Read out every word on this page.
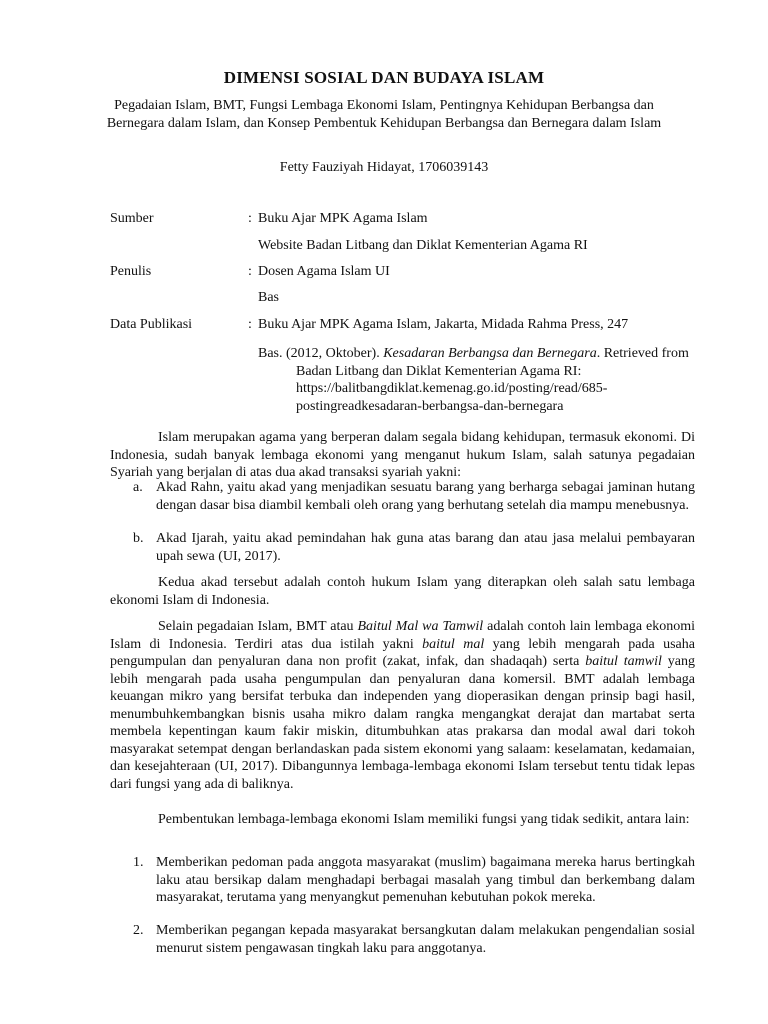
DIMENSI SOSIAL DAN BUDAYA ISLAM
Pegadaian Islam, BMT, Fungsi Lembaga Ekonomi Islam, Pentingnya Kehidupan Berbangsa dan Bernegara dalam Islam, dan Konsep Pembentuk Kehidupan Berbangsa dan Bernegara dalam Islam
Fetty Fauziyah Hidayat, 1706039143
Sumber	: Buku Ajar MPK Agama Islam
Website Badan Litbang dan Diklat Kementerian Agama RI
Penulis	: Dosen Agama Islam UI
Bas
Data Publikasi	: Buku Ajar MPK Agama Islam, Jakarta, Midada Rahma Press, 247
Bas. (2012, Oktober). Kesadaran Berbangsa dan Bernegara. Retrieved from Badan Litbang dan Diklat Kementerian Agama RI: https://balitbangdiklat.kemenag.go.id/posting/read/685-postingreadkesadaran-berbangsa-dan-bernegara
Islam merupakan agama yang berperan dalam segala bidang kehidupan, termasuk ekonomi. Di Indonesia, sudah banyak lembaga ekonomi yang menganut hukum Islam, salah satunya pegadaian Syariah yang berjalan di atas dua akad transaksi syariah yakni:
a. Akad Rahn, yaitu akad yang menjadikan sesuatu barang yang berharga sebagai jaminan hutang dengan dasar bisa diambil kembali oleh orang yang berhutang setelah dia mampu menebusnya.
b. Akad Ijarah, yaitu akad pemindahan hak guna atas barang dan atau jasa melalui pembayaran upah sewa (UI, 2017).
Kedua akad tersebut adalah contoh hukum Islam yang diterapkan oleh salah satu lembaga ekonomi Islam di Indonesia.
Selain pegadaian Islam, BMT atau Baitul Mal wa Tamwil adalah contoh lain lembaga ekonomi Islam di Indonesia. Terdiri atas dua istilah yakni baitul mal yang lebih mengarah pada usaha pengumpulan dan penyaluran dana non profit (zakat, infak, dan shadaqah) serta baitul tamwil yang lebih mengarah pada usaha pengumpulan dan penyaluran dana komersil. BMT adalah lembaga keuangan mikro yang bersifat terbuka dan independen yang dioperasikan dengan prinsip bagi hasil, menumbuhkembangkan bisnis usaha mikro dalam rangka mengangkat derajat dan martabat serta membela kepentingan kaum fakir miskin, ditumbuhkan atas prakarsa dan modal awal dari tokoh masyarakat setempat dengan berlandaskan pada sistem ekonomi yang salaam: keselamatan, kedamaian, dan kesejahteraan (UI, 2017). Dibangunnya lembaga-lembaga ekonomi Islam tersebut tentu tidak lepas dari fungsi yang ada di baliknya.
Pembentukan lembaga-lembaga ekonomi Islam memiliki fungsi yang tidak sedikit, antara lain:
1. Memberikan pedoman pada anggota masyarakat (muslim) bagaimana mereka harus bertingkah laku atau bersikap dalam menghadapi berbagai masalah yang timbul dan berkembang dalam masyarakat, terutama yang menyangkut pemenuhan kebutuhan pokok mereka.
2. Memberikan pegangan kepada masyarakat bersangkutan dalam melakukan pengendalian sosial menurut sistem pengawasan tingkah laku para anggotanya.
